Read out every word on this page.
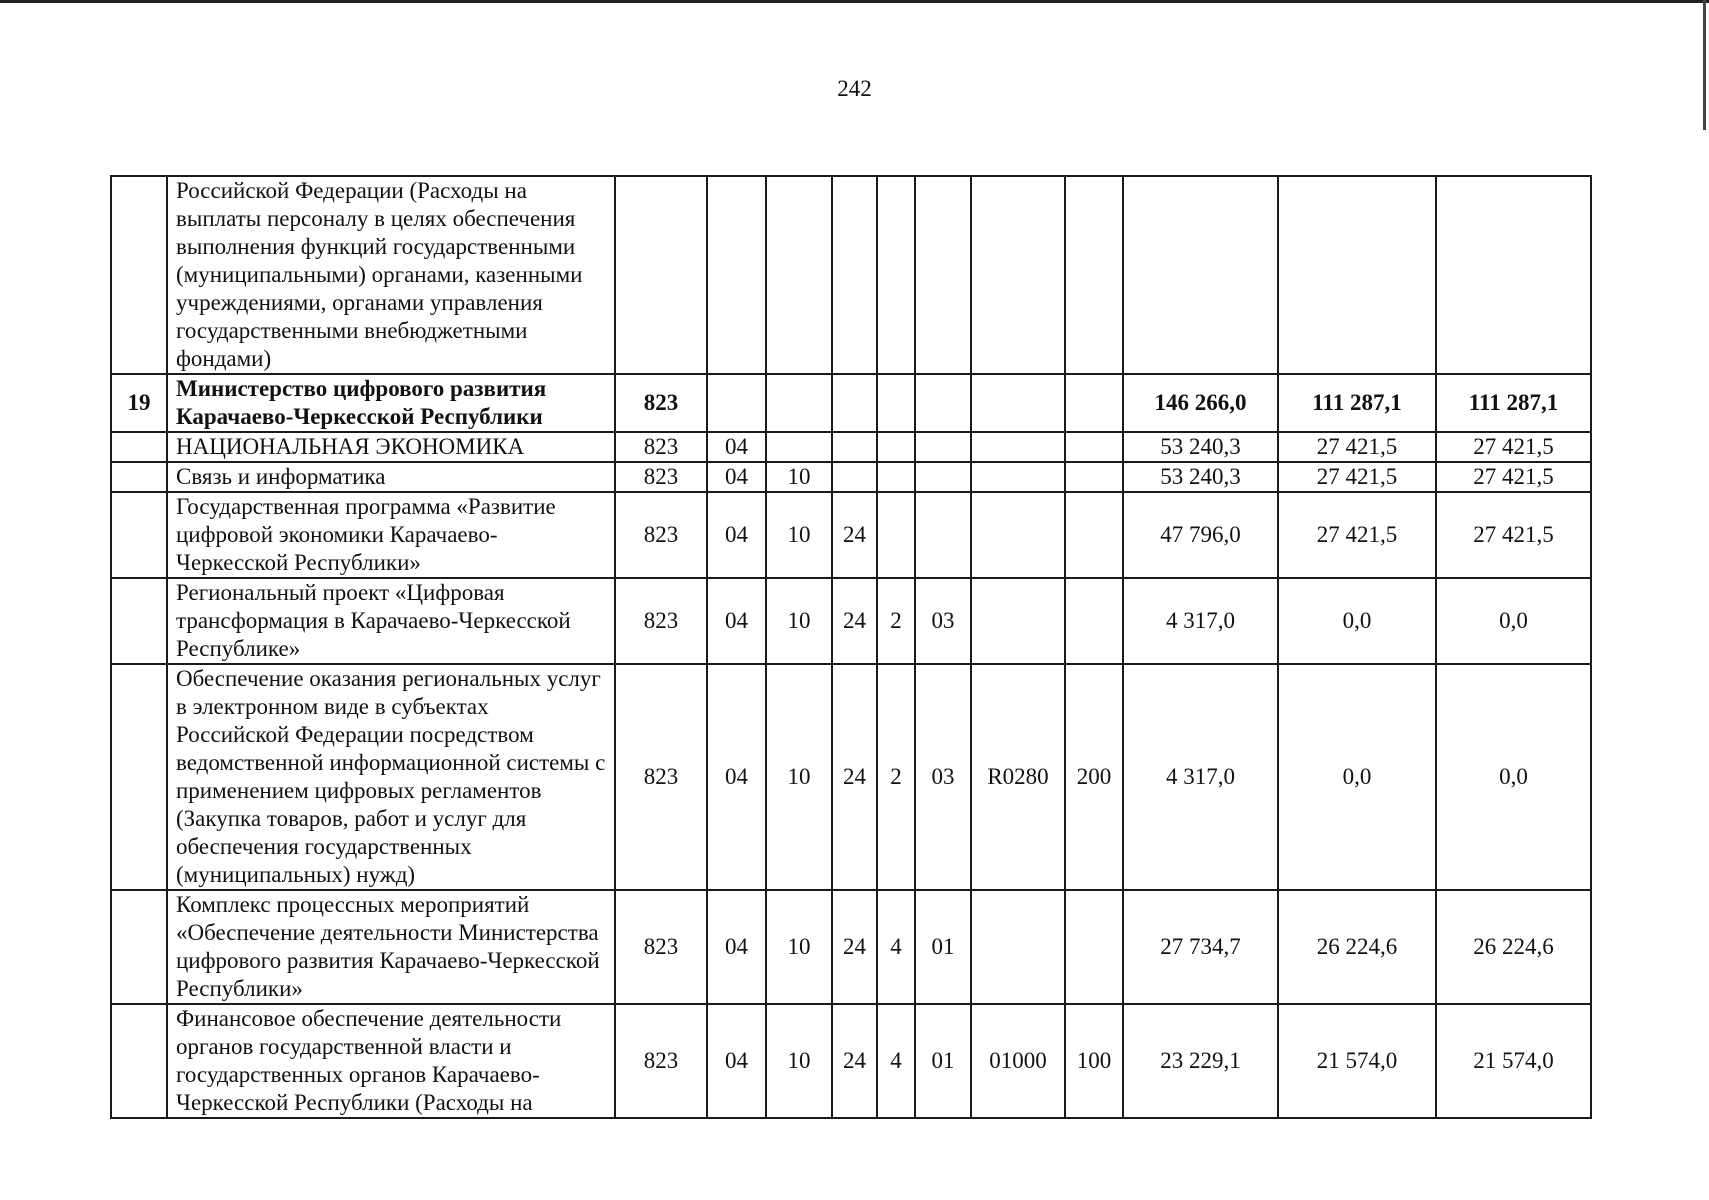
242
	Российской Федерации (Расходы на выплаты персоналу в целях обеспечения выполнения функций государственными (муниципальными) органами, казенными учреждениями, органами управления государственными внебюджетными фондами)											
19	Министерство цифрового развития Карачаево-Черкесской Республики	823								146 266,0	111 287,1	111 287,1
	НАЦИОНАЛЬНАЯ ЭКОНОМИКА	823	04							53 240,3	27 421,5	27 421,5
	Связь и информатика	823	04	10						53 240,3	27 421,5	27 421,5
	Государственная программа «Развитие цифровой экономики Карачаево-Черкесской Республики»	823	04	10	24					47 796,0	27 421,5	27 421,5
	Региональный проект «Цифровая трансформация в Карачаево-Черкесской Республике»	823	04	10	24	2	03			4 317,0	0,0	0,0
	Обеспечение оказания региональных услуг в электронном виде в субъектах Российской Федерации посредством ведомственной информационной системы с применением цифровых регламентов (Закупка товаров, работ и услуг для обеспечения государственных (муниципальных) нужд)	823	04	10	24	2	03	R0280	200	4 317,0	0,0	0,0
	Комплекс процессных мероприятий «Обеспечение деятельности Министерства цифрового развития Карачаево-Черкесской Республики»	823	04	10	24	4	01			27 734,7	26 224,6	26 224,6
	Финансовое обеспечение деятельности органов государственной власти и государственных органов Карачаево-Черкесской Республики (Расходы на	823	04	10	24	4	01	01000	100	23 229,1	21 574,0	21 574,0
